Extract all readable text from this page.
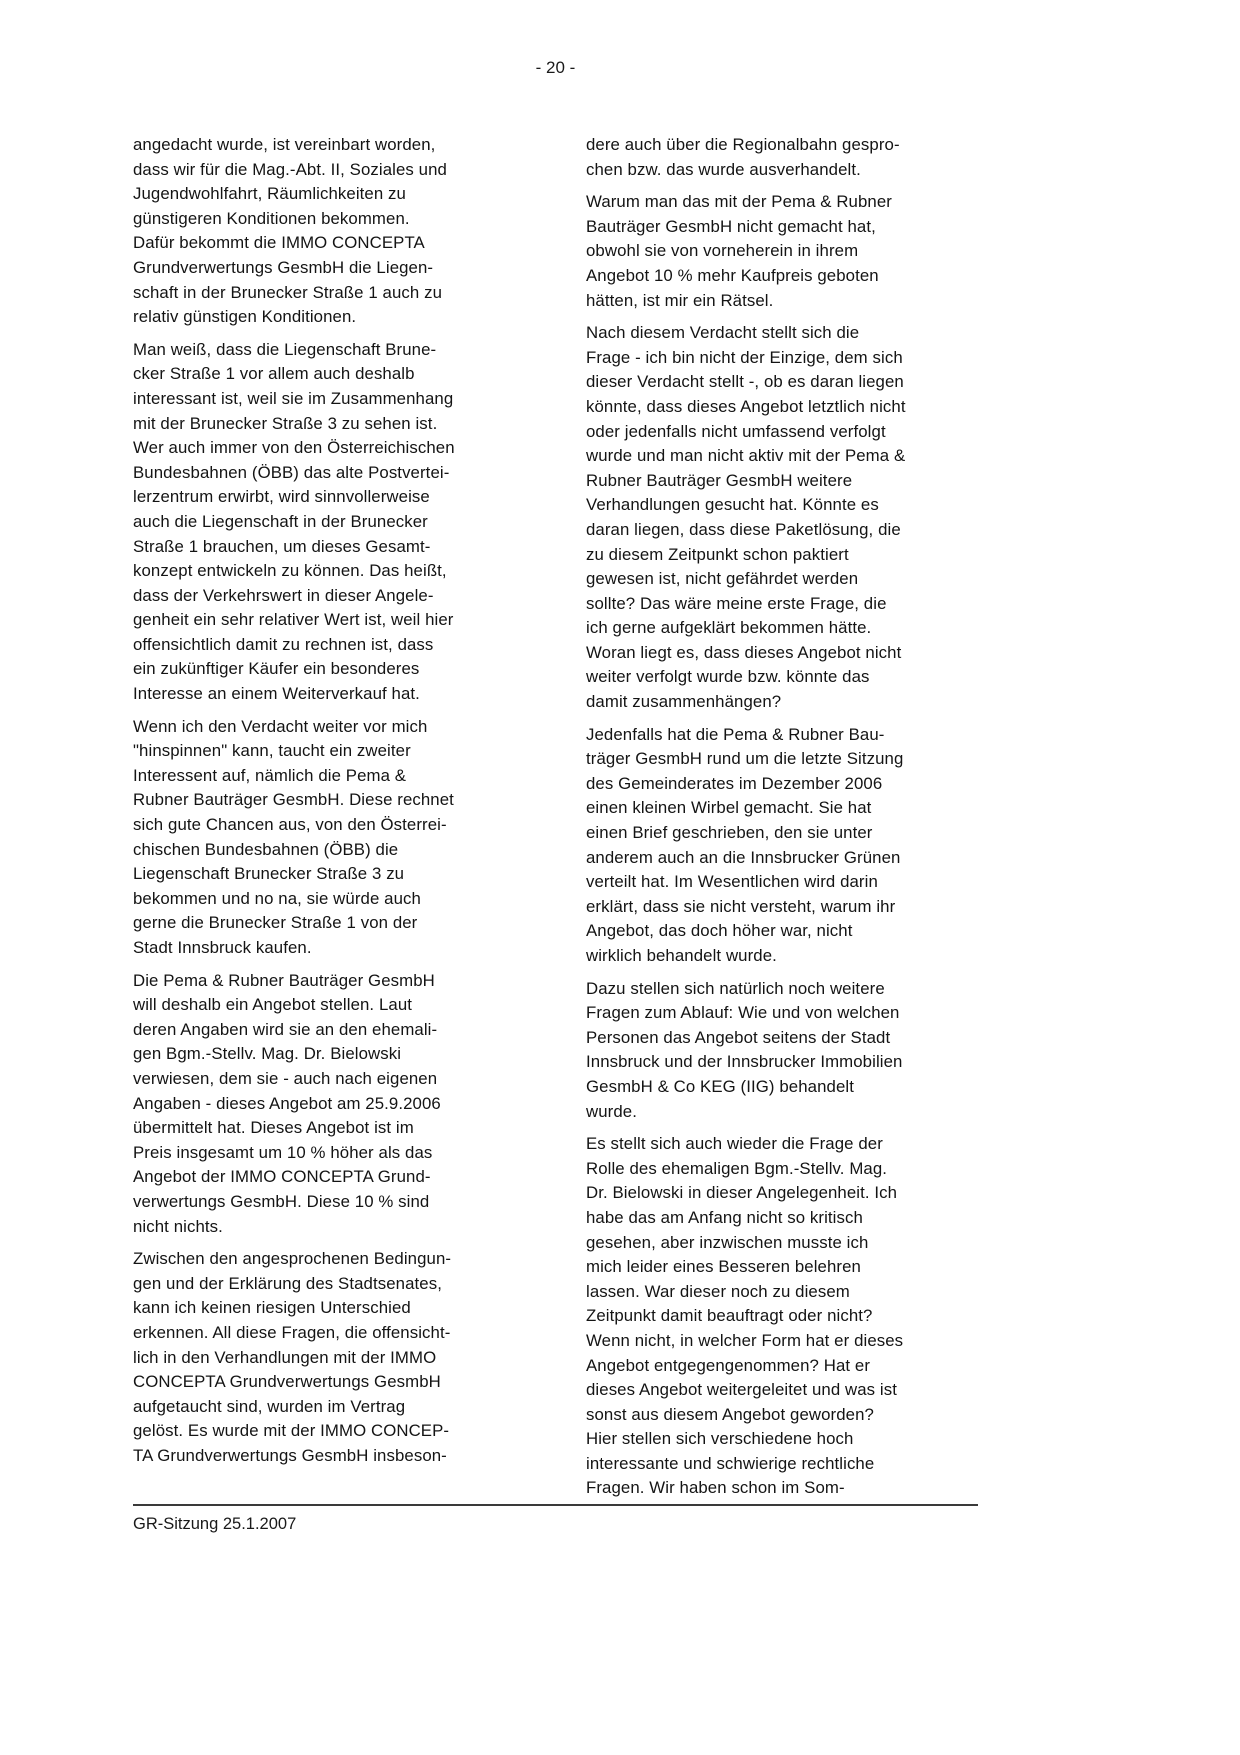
- 20 -

angedacht wurde, ist vereinbart worden,
dass wir für die Mag.-Abt. II, Soziales und
Jugendwohlfahrt, Räumlichkeiten zu
günstigeren Konditionen bekommen.
Dafür bekommt die IMMO CONCEPTA
Grundverwertungs GesmbH die Liegen-
schaft in der Brunecker Straße 1 auch zu
relativ günstigen Konditionen.

Man weiß, dass die Liegenschaft Brune-
cker Straße 1 vor allem auch deshalb
interessant ist, weil sie im Zusammenhang
mit der Brunecker Straße 3 zu sehen ist.
Wer auch immer von den Österreichischen
Bundesbahnen (ÖBB) das alte Postvertei-
lerzentrum erwirbt, wird sinnvollerweise
auch die Liegenschaft in der Brunecker
Straße 1 brauchen, um dieses Gesamt-
konzept entwickeln zu können. Das heißt,
dass der Verkehrswert in dieser Angele-
genheit ein sehr relativer Wert ist, weil hier
offensichtlich damit zu rechnen ist, dass
ein zukünftiger Käufer ein besonderes
Interesse an einem Weiterverkauf hat.

Wenn ich den Verdacht weiter vor mich
"hinspinnen" kann, taucht ein zweiter
Interessent auf, nämlich die Pema &
Rubner Bauträger GesmbH. Diese rechnet
sich gute Chancen aus, von den Österrei-
chischen Bundesbahnen (ÖBB) die
Liegenschaft Brunecker Straße 3 zu
bekommen und no na, sie würde auch
gerne die Brunecker Straße 1 von der
Stadt Innsbruck kaufen.

Die Pema & Rubner Bauträger GesmbH
will deshalb ein Angebot stellen. Laut
deren Angaben wird sie an den ehemali-
gen Bgm.-Stellv. Mag. Dr. Bielowski
verwiesen, dem sie - auch nach eigenen
Angaben - dieses Angebot am 25.9.2006
übermittelt hat. Dieses Angebot ist im
Preis insgesamt um 10 % höher als das
Angebot der IMMO CONCEPTA Grund-
verwertungs GesmbH. Diese 10 % sind
nicht nichts.

Zwischen den angesprochenen Bedingun-
gen und der Erklärung des Stadtsenates,
kann ich keinen riesigen Unterschied
erkennen. All diese Fragen, die offensicht-
lich in den Verhandlungen mit der IMMO
CONCEPTA Grundverwertungs GesmbH
aufgetaucht sind, wurden im Vertrag
gelöst. Es wurde mit der IMMO CONCEP-
TA Grundverwertungs GesmbH insbeson-

dere auch über die Regionalbahn gespro-
chen bzw. das wurde ausverhandelt.

Warum man das mit der Pema & Rubner
Bauträger GesmbH nicht gemacht hat,
obwohl sie von vorneherein in ihrem
Angebot 10 % mehr Kaufpreis geboten
hätten, ist mir ein Rätsel.

Nach diesem Verdacht stellt sich die
Frage - ich bin nicht der Einzige, dem sich
dieser Verdacht stellt -, ob es daran liegen
könnte, dass dieses Angebot letztlich nicht
oder jedenfalls nicht umfassend verfolgt
wurde und man nicht aktiv mit der Pema &
Rubner Bauträger GesmbH weitere
Verhandlungen gesucht hat. Könnte es
daran liegen, dass diese Paketlösung, die
zu diesem Zeitpunkt schon paktiert
gewesen ist, nicht gefährdet werden
sollte? Das wäre meine erste Frage, die
ich gerne aufgeklärt bekommen hätte.
Woran liegt es, dass dieses Angebot nicht
weiter verfolgt wurde bzw. könnte das
damit zusammenhängen?

Jedenfalls hat die Pema & Rubner Bau-
träger GesmbH rund um die letzte Sitzung
des Gemeinderates im Dezember 2006
einen kleinen Wirbel gemacht. Sie hat
einen Brief geschrieben, den sie unter
anderem auch an die Innsbrucker Grünen
verteilt hat. Im Wesentlichen wird darin
erklärt, dass sie nicht versteht, warum ihr
Angebot, das doch höher war, nicht
wirklich behandelt wurde.

Dazu stellen sich natürlich noch weitere
Fragen zum Ablauf: Wie und von welchen
Personen das Angebot seitens der Stadt
Innsbruck und der Innsbrucker Immobilien
GesmbH & Co KEG (IIG) behandelt
wurde.

Es stellt sich auch wieder die Frage der
Rolle des ehemaligen Bgm.-Stellv. Mag.
Dr. Bielowski in dieser Angelegenheit. Ich
habe das am Anfang nicht so kritisch
gesehen, aber inzwischen musste ich
mich leider eines Besseren belehren
lassen. War dieser noch zu diesem
Zeitpunkt damit beauftragt oder nicht?
Wenn nicht, in welcher Form hat er dieses
Angebot entgegengenommen? Hat er
dieses Angebot weitergeleitet und was ist
sonst aus diesem Angebot geworden?
Hier stellen sich verschiedene hoch
interessante und schwierige rechtliche
Fragen. Wir haben schon im Som-

GR-Sitzung 25.1.2007
